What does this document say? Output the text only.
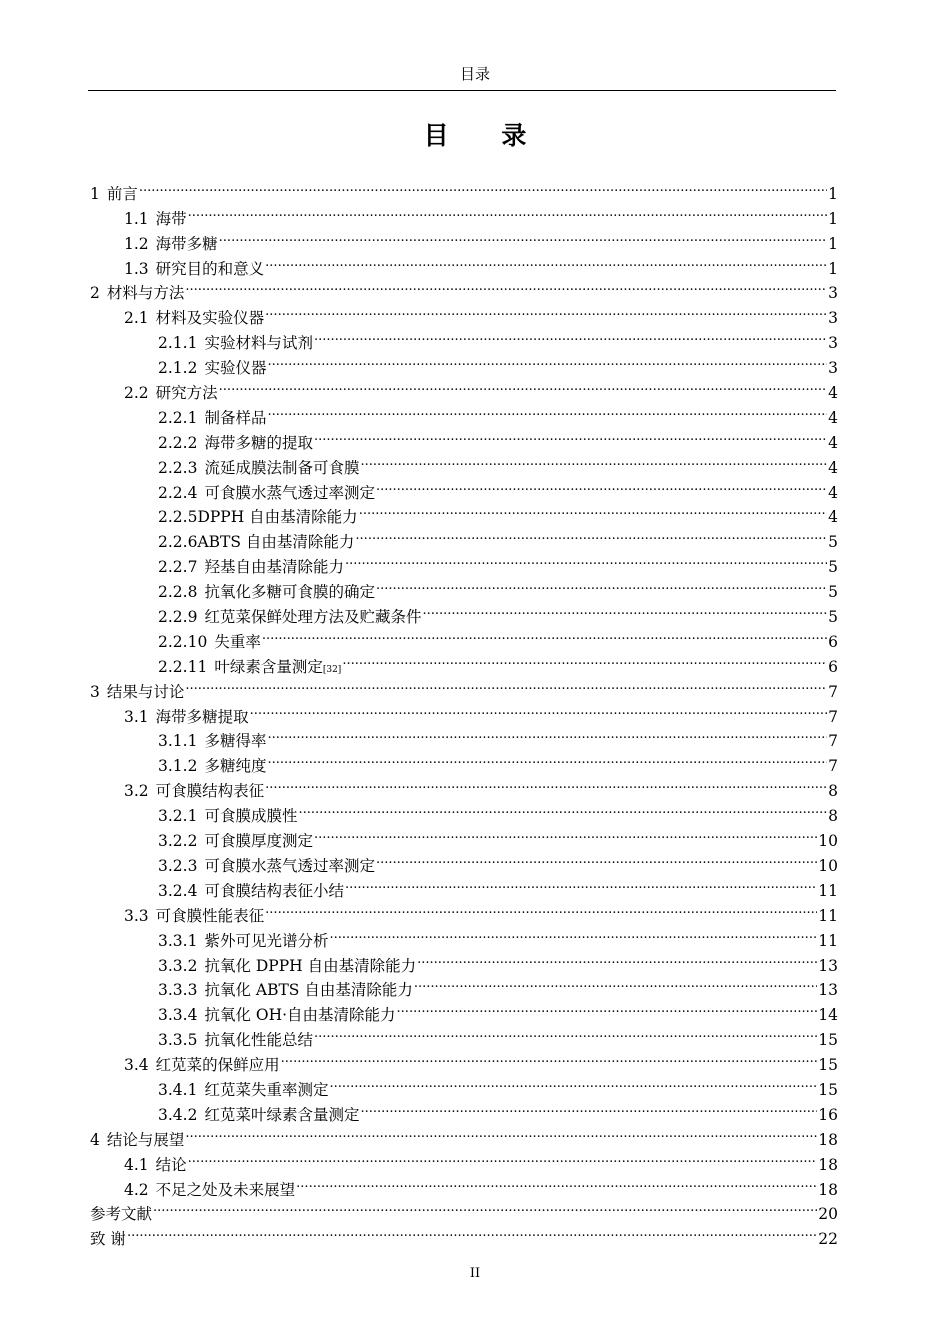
目录
目 录
1 前言 .....	1
1.1 海带 .....	1
1.2 海带多糖 .....	1
1.3 研究目的和意义 .....	1
2 材料与方法 .....	3
2.1 材料及实验仪器 .....	3
2.1.1 实验材料与试剂 .....	3
2.1.2 实验仪器 .....	3
2.2 研究方法 .....	4
2.2.1 制备样品 .....	4
2.2.2 海带多糖的提取 .....	4
2.2.3 流延成膜法制备可食膜 .....	4
2.2.4 可食膜水蒸气透过率测定 .....	4
2.2.5 DPPH 自由基清除能力 .....	4
2.2.6 ABTS 自由基清除能力 .....	5
2.2.7 羟基自由基清除能力 .....	5
2.2.8 抗氧化多糖可食膜的确定 .....	5
2.2.9 红苋菜保鲜处理方法及贮藏条件 .....	5
2.2.10 失重率 .....	6
2.2.11 叶绿素含量测定 [32] .....	6
3 结果与讨论 .....	7
3.1 海带多糖提取 .....	7
3.1.1 多糖得率 .....	7
3.1.2 多糖纯度 .....	7
3.2 可食膜结构表征 .....	8
3.2.1 可食膜成膜性 .....	8
3.2.2 可食膜厚度测定 .....	10
3.2.3 可食膜水蒸气透过率测定 .....	10
3.2.4 可食膜结构表征小结 .....	11
3.3 可食膜性能表征 .....	11
3.3.1 紫外可见光谱分析 .....	11
3.3.2 抗氧化 DPPH 自由基清除能力 .....	13
3.3.3 抗氧化 ABTS 自由基清除能力 .....	13
3.3.4 抗氧化 OH·自由基清除能力 .....	14
3.3.5 抗氧化性能总结 .....	15
3.4 红苋菜的保鲜应用 .....	15
3.4.1 红苋菜失重率测定 .....	15
3.4.2 红苋菜叶绿素含量测定 .....	16
4 结论与展望 .....	18
4.1 结论 .....	18
4.2 不足之处及未来展望 .....	18
参考文献 .....	20
致 谢 .....	22
II
